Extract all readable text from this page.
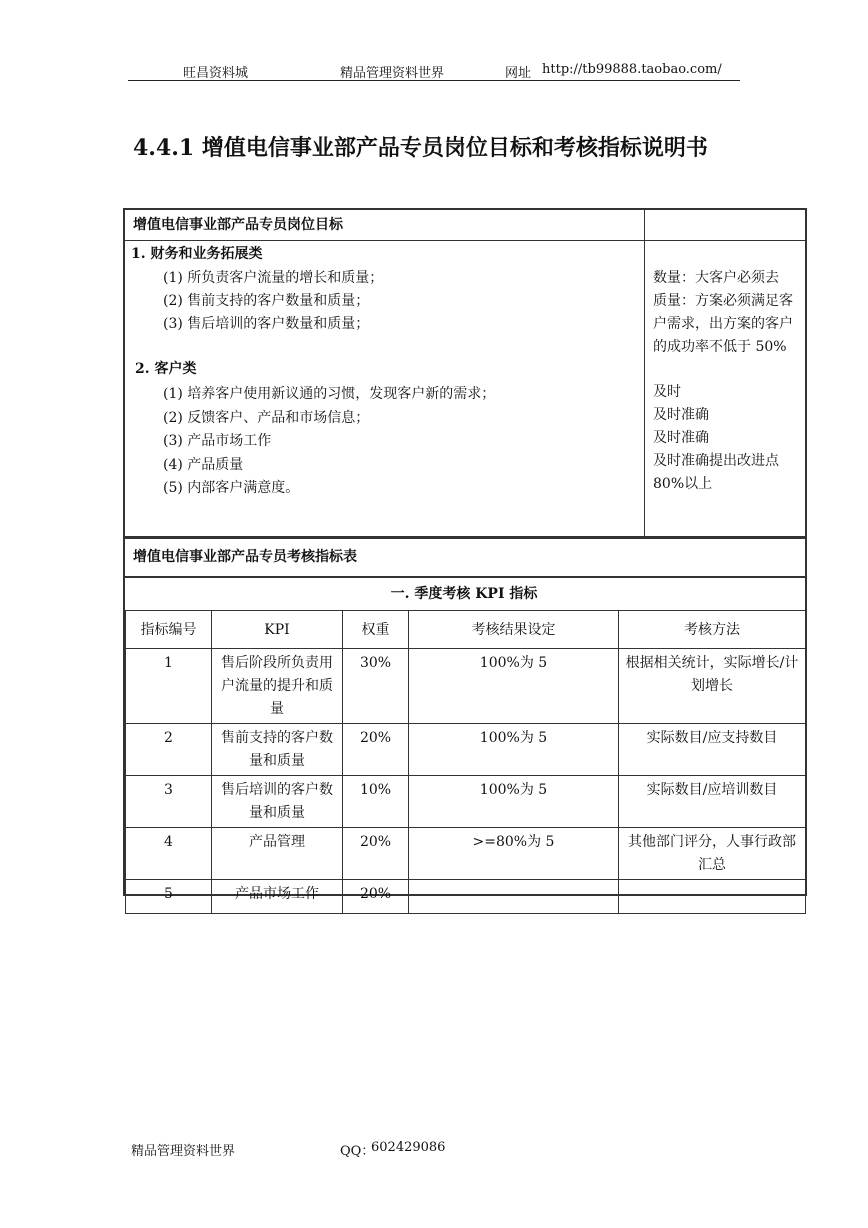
旺昌资料城	精品管理资料世界	网址 http://tb99888.taobao.com/
4.4.1 增值电信事业部产品专员岗位目标和考核指标说明书
增值电信事业部产品专员岗位目标
1. 财务和业务拓展类
(1) 所负责客户流量的增长和质量；
(2) 售前支持的客户数量和质量；
(3) 售后培训的客户数量和质量；
2. 客户类
(1) 培养客户使用新议通的习惯，发现客户新的需求；
(2) 反馈客户、产品和市场信息；
(3) 产品市场工作
(4) 产品质量
(5) 内部客户满意度。
数量：大客户必须去
质量：方案必须满足客
户需求，出方案的客户
的成功率不低于 50%
及时
及时准确
及时准确
及时准确提出改进点
80%以上
增值电信事业部产品专员考核指标表
一. 季度考核 KPI 指标
指标编号	KPI	权重	考核结果设定	考核方法
1	售后阶段所负责用户流量的提升和质量	30%	100%为 5	根据相关统计，实际增长/计划增长
2	售前支持的客户数量和质量	20%	100%为 5	实际数目/应支持数目
3	售后培训的客户数量和质量	10%	100%为 5	实际数目/应培训数目
4	产品管理	20%	>=80%为 5	其他部门评分，人事行政部汇总
5	产品市场工作	20%		
精品管理资料世界	QQ：
602429086
